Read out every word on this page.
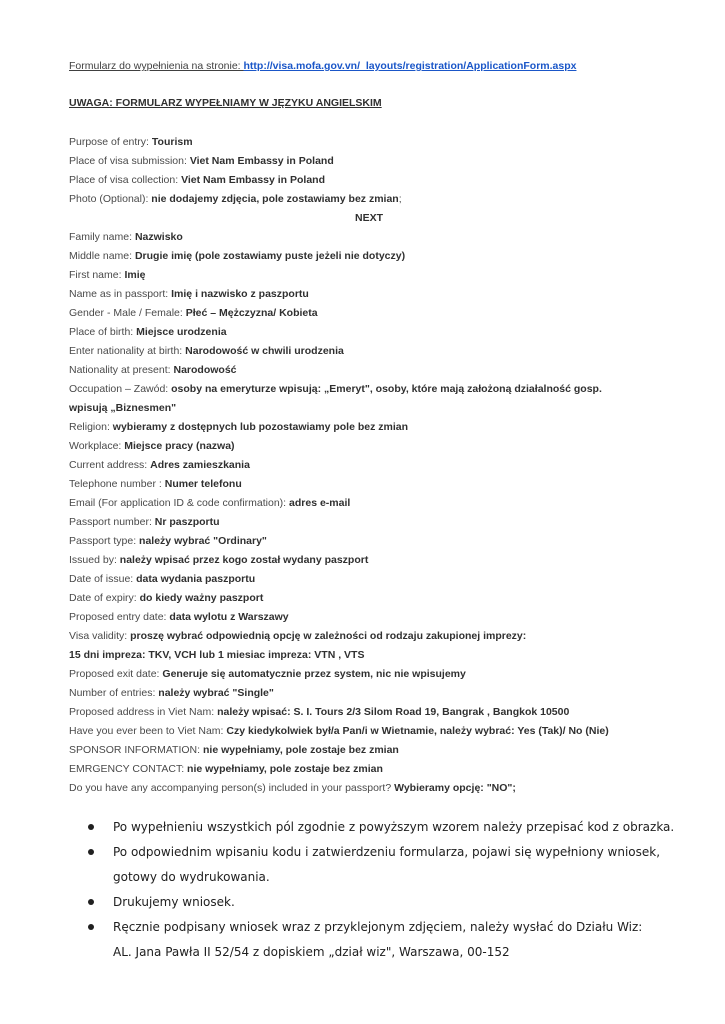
Formularz do wypełnienia na stronie: http://visa.mofa.gov.vn/_layouts/registration/ApplicationForm.aspx
UWAGA: FORMULARZ WYPEŁNIAMY W JĘZYKU ANGIELSKIM
Purpose of entry: Tourism
Place of visa submission: Viet Nam Embassy in Poland
Place of visa collection: Viet Nam Embassy in Poland
Photo (Optional): nie dodajemy zdjęcia, pole zostawiamy bez zmian;
NEXT
Family name: Nazwisko
Middle name: Drugie imię (pole zostawiamy puste jeżeli nie dotyczy)
First name: Imię
Name as in passport: Imię i nazwisko z paszportu
Gender - Male / Female: Płeć – Mężczyzna/ Kobieta
Place of birth: Miejsce urodzenia
Enter nationality at birth: Narodowość w chwili urodzenia
Nationality at present: Narodowość
Occupation – Zawód: osoby na emeryturze wpisują: „Emeryt", osoby, które mają założoną działalność gosp.
wpisują „Biznesmen"
Religion: wybieramy z dostępnych lub pozostawiamy pole bez zmian
Workplace: Miejsce pracy (nazwa)
Current address: Adres zamieszkania
Telephone number : Numer telefonu
Email (For application ID & code confirmation): adres e-mail
Passport number: Nr paszportu
Passport type: należy wybrać "Ordinary"
Issued by: należy wpisać przez kogo został wydany paszport
Date of issue: data wydania paszportu
Date of expiry: do kiedy ważny paszport
Proposed entry date: data wylotu z Warszawy
Visa validity: proszę wybrać odpowiednią opcję w zależności od rodzaju zakupionej imprezy:
15 dni impreza: TKV, VCH lub 1 miesiac impreza: VTN , VTS
Proposed exit date: Generuje się automatycznie przez system, nic nie wpisujemy
Number of entries: należy wybrać "Single"
Proposed address in Viet Nam: należy wpisać: S. I. Tours 2/3 Silom Road 19, Bangrak , Bangkok 10500
Have you ever been to Viet Nam: Czy kiedykolwiek był/a Pan/i w Wietnamie, należy wybrać: Yes (Tak)/ No (Nie)
SPONSOR INFORMATION: nie wypełniamy, pole zostaje bez zmian
EMRGENCY CONTACT: nie wypełniamy, pole zostaje bez zmian
Do you have any accompanying person(s) included in your passport? Wybieramy opcję: "NO";
Po wypełnieniu wszystkich pól zgodnie z powyższym wzorem należy przepisać kod z obrazka.
Po odpowiednim wpisaniu kodu i zatwierdzeniu formularza, pojawi się wypełniony wniosek,
gotowy do wydrukowania.
Drukujemy wniosek.
Ręcznie podpisany wniosek wraz z przyklejonym zdjęciem, należy wysłać do Działu Wiz:
AL. Jana Pawła II 52/54 z dopiskiem „dział wiz", Warszawa, 00-152
